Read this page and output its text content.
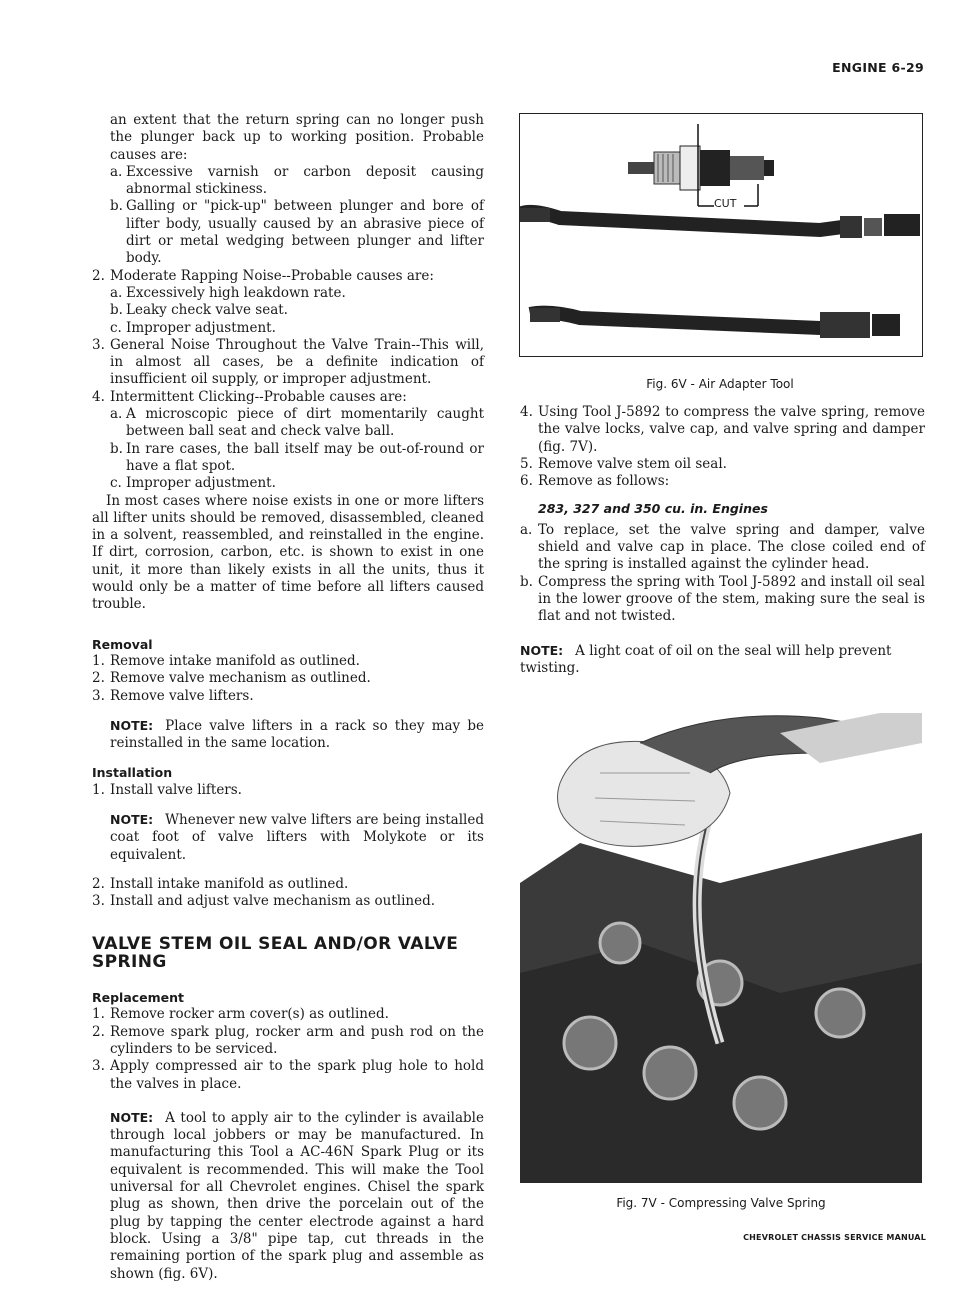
ENGINE 6-29

an extent that the return spring can no longer push the plunger back up to working position. Probable causes are:

a. Excessive varnish or carbon deposit causing abnormal stickiness.
b. Galling or "pick-up" between plunger and bore of lifter body, usually caused by an abrasive piece of dirt or metal wedging between plunger and lifter body.
2. Moderate Rapping Noise--Probable causes are:
a. Excessively high leakdown rate.
b. Leaky check valve seat.
c. Improper adjustment.
3. General Noise Throughout the Valve Train--This will, in almost all cases, be a definite indication of insufficient oil supply, or improper adjustment.
4. Intermittent Clicking--Probable causes are:
a. A microscopic piece of dirt momentarily caught between ball seat and check valve ball.
b. In rare cases, the ball itself may be out-of-round or have a flat spot.
c. Improper adjustment.

In most cases where noise exists in one or more lifters all lifter units should be removed, disassembled, cleaned in a solvent, reassembled, and reinstalled in the engine. If dirt, corrosion, carbon, etc. is shown to exist in one unit, it more than likely exists in all the units, thus it would only be a matter of time before all lifters caused trouble.

Removal
1. Remove intake manifold as outlined.
2. Remove valve mechanism as outlined.
3. Remove valve lifters.

NOTE: Place valve lifters in a rack so they may be reinstalled in the same location.

Installation
1. Install valve lifters.

NOTE: Whenever new valve lifters are being installed coat foot of valve lifters with Molykote or its equivalent.

2. Install intake manifold as outlined.
3. Install and adjust valve mechanism as outlined.
VALVE STEM OIL SEAL AND/OR VALVE SPRING
Replacement
1. Remove rocker arm cover(s) as outlined.
2. Remove spark plug, rocker arm and push rod on the cylinders to be serviced.
3. Apply compressed air to the spark plug hole to hold the valves in place.

NOTE: A tool to apply air to the cylinder is available through local jobbers or may be manufactured. In manufacturing this Tool a AC-46N Spark Plug or its equivalent is recommended. This will make the Tool universal for all Chevrolet engines. Chisel the spark plug as shown, then drive the porcelain out of the plug by tapping the center electrode against a hard block. Using a 3/8" pipe tap, cut threads in the remaining portion of the spark plug and assemble as shown (fig. 6V).

CUT
Fig. 6V - Air Adapter Tool
4. Using Tool J-5892 to compress the valve spring, remove the valve locks, valve cap, and valve spring and damper (fig. 7V).
5. Remove valve stem oil seal.
6. Remove as follows:
283, 327 and 350 cu. in. Engines
a. To replace, set the valve spring and damper, valve shield and valve cap in place. The close coiled end of the spring is installed against the cylinder head.
b. Compress the spring with Tool J-5892 and install oil seal in the lower groove of the stem, making sure the seal is flat and not twisted.

NOTE: A light coat of oil on the seal will help prevent twisting.

Fig. 7V - Compressing Valve Spring
CHEVROLET CHASSIS SERVICE MANUAL
